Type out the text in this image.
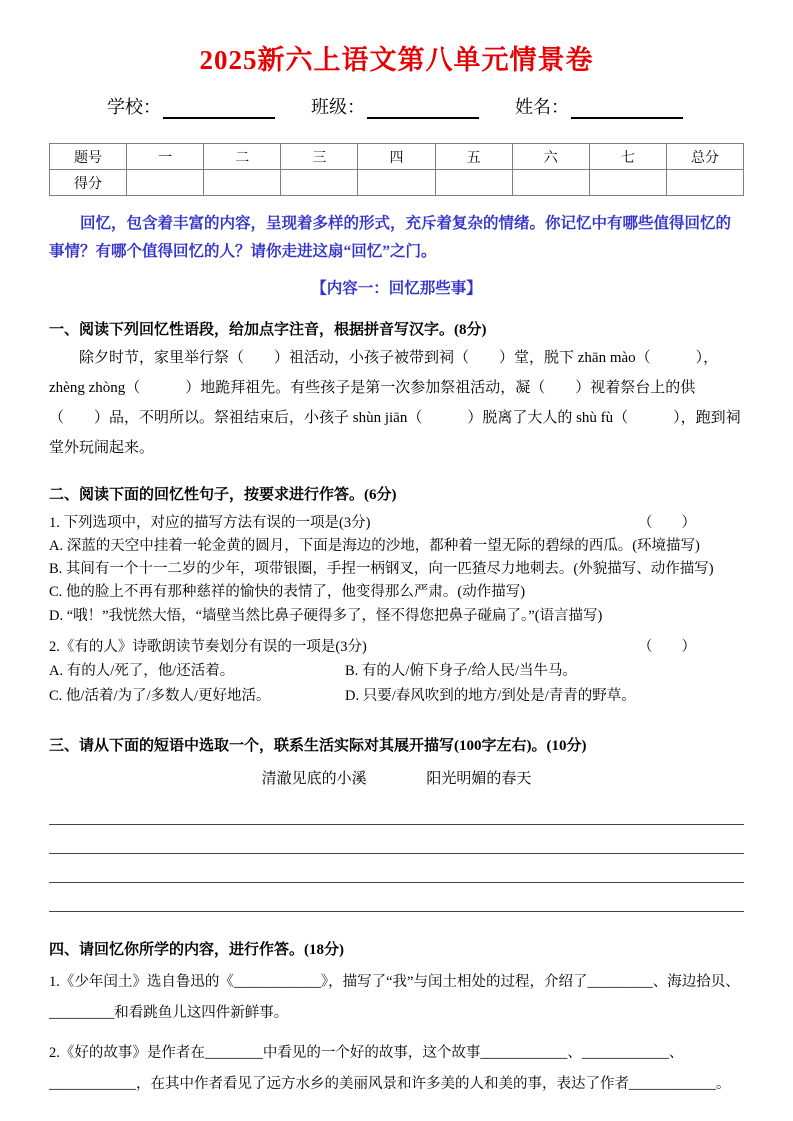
2025新六上语文第八单元情景卷
学校：	班级：	姓名：
题号	一	二	三	四	五	六	七	总分
得分								

回忆，包含着丰富的内容，呈现着多样的形式，充斥着复杂的情绪。你记忆中有哪些值得回忆的事情？有哪个值得回忆的人？请你走进这扇“回忆”之门。

【内容一：回忆那些事】

一、阅读下列回忆性语段，给加点字注音，根据拼音写汉字。(8分)

除夕时节，家里举行祭（　　）祖活动，小孩子被带到祠（　　）堂，脱下 zhān mào（　　　），zhèng zhòng（　　　）地跪拜祖先。有些孩子是第一次参加祭祖活动，凝（　　）视着祭台上的供（　　）品，不明所以。祭祖结束后，小孩子 shùn jiān（　　　）脱离了大人的 shù fù（　　　），跑到祠堂外玩闹起来。

二、阅读下面的回忆性句子，按要求进行作答。(6分)

1. 下列选项中，对应的描写方法有误的一项是(3分)	（　　）

A. 深蓝的天空中挂着一轮金黄的圆月，下面是海边的沙地，都种着一望无际的碧绿的西瓜。(环境描写)

B. 其间有一个十一二岁的少年，项带银圈，手捏一柄钢叉，向一匹猹尽力地刺去。(外貌描写、动作描写)

C. 他的脸上不再有那种慈祥的愉快的表情了，他变得那么严肃。(动作描写)

D. “哦！”我恍然大悟，“墙壁当然比鼻子硬得多了，怪不得您把鼻子碰扁了。”(语言描写)

2.《有的人》诗歌朗读节奏划分有误的一项是(3分)	（　　）
A. 有的人/死了，他/还活着。	B. 有的人/俯下身子/给人民/当牛马。
C. 他/活着/为了/多数人/更好地活。	D. 只要/春风吹到的地方/到处是/青青的野草。

三、请从下面的短语中选取一个，联系生活实际对其展开描写(100字左右)。(10分)

清澈见底的小溪	阳光明媚的春天

四、请回忆你所学的内容，进行作答。(18分)

1.《少年闰土》选自鲁迅的《____________》，描写了“我”与闰土相处的过程，介绍了_________、海边拾贝、_________和看跳鱼儿这四件新鲜事。

2.《好的故事》是作者在________中看见的一个好的故事，这个故事____________、____________、____________，在其中作者看见了远方水乡的美丽风景和许多美的人和美的事，表达了作者____________。
